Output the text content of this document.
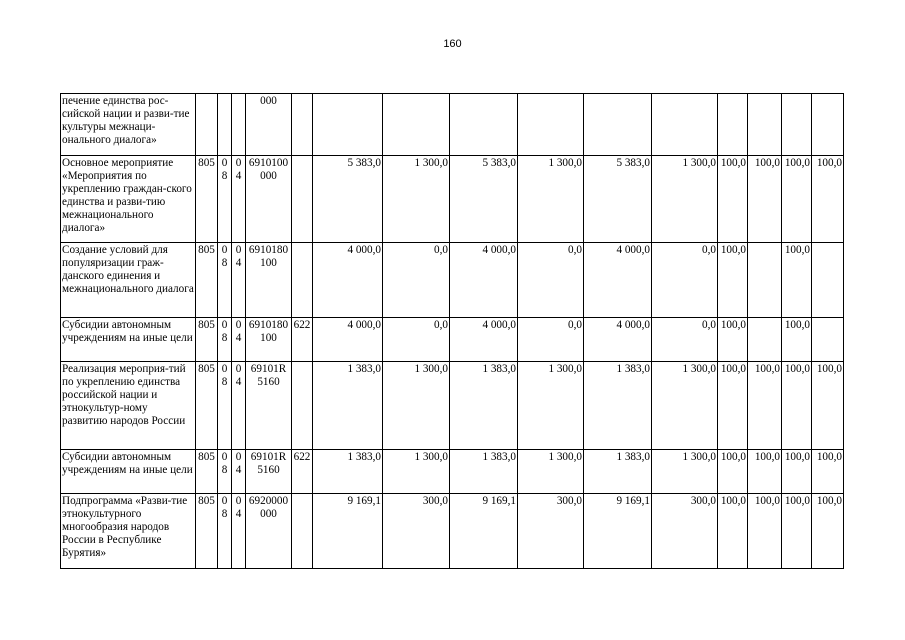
160
печение единства рос-сийской нации и разви-тие культуры межнаци-онального диалога»				000											
Основное мероприятие «Мероприятия по укреплению граждан-ского единства и разви-тию межнационального диалога»	805	08	04	6910100 000		5 383,0	1 300,0	5 383,0	1 300,0	5 383,0	1 300,0	100,0	100,0	100,0	100,0
Создание условий для популяризации граж-данского единения и межнационального диалога	805	08	04	6910180 100		4 000,0	0,0	4 000,0	0,0	4 000,0	0,0	100,0		100,0	
Субсидии автономным учреждениям на иные цели	805	08	04	6910180 100	622	4 000,0	0,0	4 000,0	0,0	4 000,0	0,0	100,0		100,0	
Реализация мероприя-тий по укреплению единства российской нации и этнокультур-ному развитию народов России	805	08	04	69101R 5160		1 383,0	1 300,0	1 383,0	1 300,0	1 383,0	1 300,0	100,0	100,0	100,0	100,0
Субсидии автономным учреждениям на иные цели	805	08	04	69101R 5160	622	1 383,0	1 300,0	1 383,0	1 300,0	1 383,0	1 300,0	100,0	100,0	100,0	100,0
Подпрограмма «Разви-тие этнокультурного многообразия народов России в Республике Бурятия»	805	08	04	6920000 000		9 169,1	300,0	9 169,1	300,0	9 169,1	300,0	100,0	100,0	100,0	100,0
